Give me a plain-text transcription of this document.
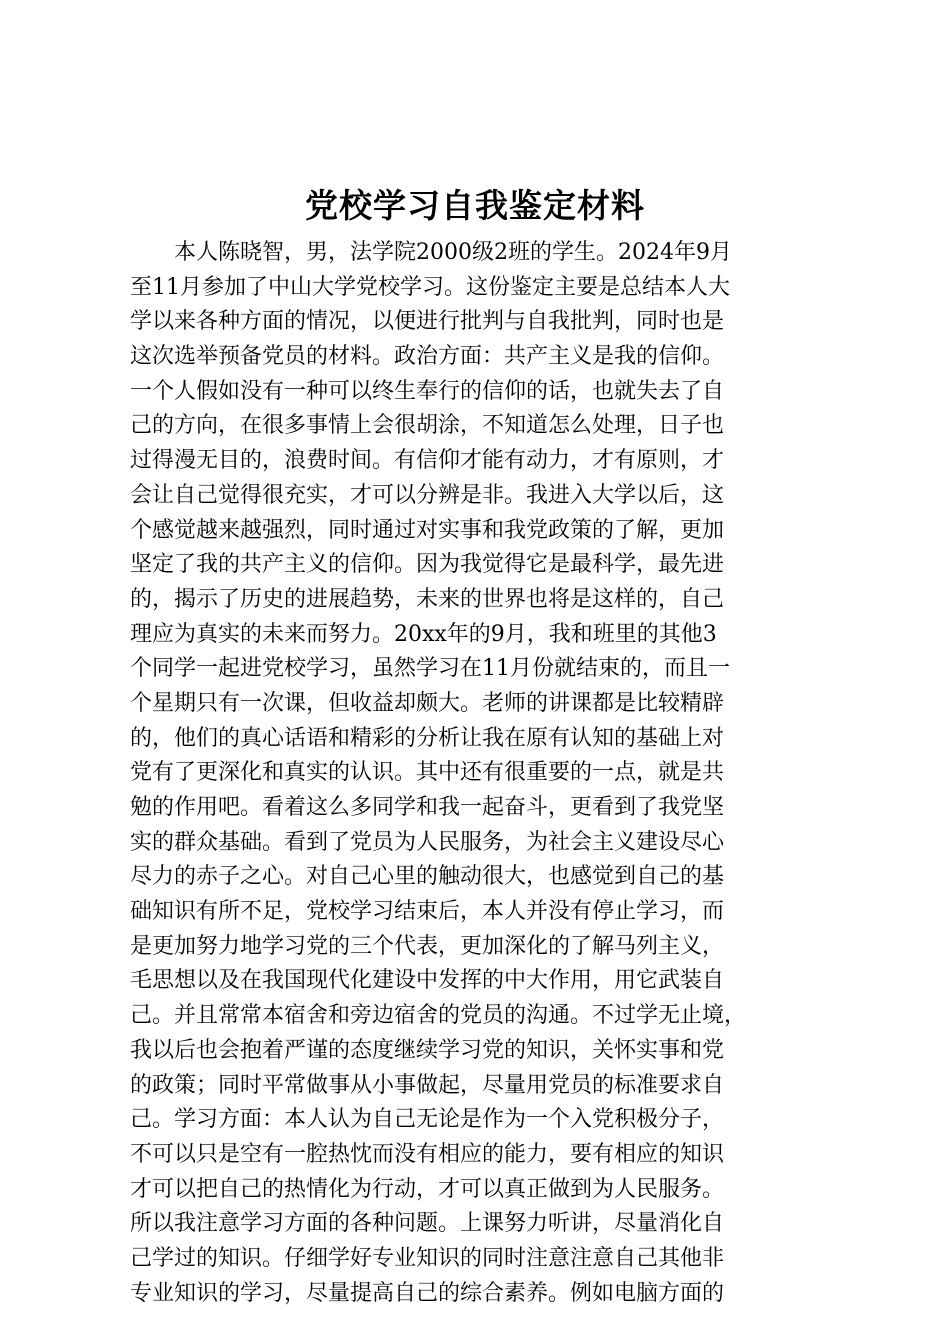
党校学习自我鉴定材料
本人陈晓智，男，法学院2000级2班的学生。2024年9月
至11月参加了中山大学党校学习。这份鉴定主要是总结本人大
学以来各种方面的情况，以便进行批判与自我批判，同时也是
这次选举预备党员的材料。政治方面：共产主义是我的信仰。
一个人假如没有一种可以终生奉行的信仰的话，也就失去了自
己的方向，在很多事情上会很胡涂，不知道怎么处理，日子也
过得漫无目的，浪费时间。有信仰才能有动力，才有原则，才
会让自己觉得很充实，才可以分辨是非。我进入大学以后，这
个感觉越来越强烈，同时通过对实事和我党政策的了解，更加
坚定了我的共产主义的信仰。因为我觉得它是最科学，最先进
的，揭示了历史的进展趋势，未来的世界也将是这样的，自己
理应为真实的未来而努力。20xx年的9月，我和班里的其他3
个同学一起进党校学习，虽然学习在11月份就结束的，而且一
个星期只有一次课，但收益却颇大。老师的讲课都是比较精辟
的，他们的真心话语和精彩的分析让我在原有认知的基础上对
党有了更深化和真实的认识。其中还有很重要的一点，就是共
勉的作用吧。看着这么多同学和我一起奋斗，更看到了我党坚
实的群众基础。看到了党员为人民服务，为社会主义建设尽心
尽力的赤子之心。对自己心里的触动很大，也感觉到自己的基
础知识有所不足，党校学习结束后，本人并没有停止学习，而
是更加努力地学习党的三个代表，更加深化的了解马列主义，
毛思想以及在我国现代化建设中发挥的中大作用，用它武装自
己。并且常常本宿舍和旁边宿舍的党员的沟通。不过学无止境，
我以后也会抱着严谨的态度继续学习党的知识，关怀实事和党
的政策；同时平常做事从小事做起，尽量用党员的标准要求自
己。学习方面：本人认为自己无论是作为一个入党积极分子，
不可以只是空有一腔热忱而没有相应的能力，要有相应的知识
才可以把自己的热情化为行动，才可以真正做到为人民服务。
所以我注意学习方面的各种问题。上课努力听讲，尽量消化自
己学过的知识。仔细学好专业知识的同时注意注意自己其他非
专业知识的学习，尽量提高自己的综合素养。例如电脑方面的
